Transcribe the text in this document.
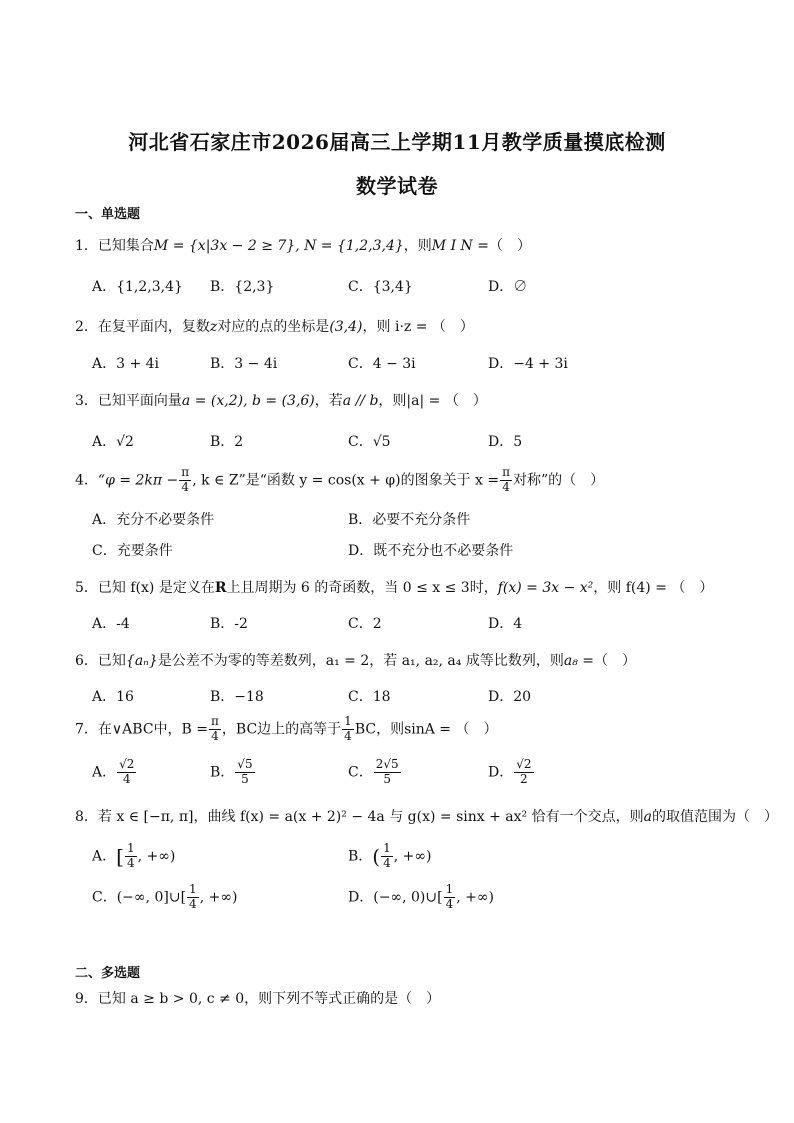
河北省石家庄市2026届高三上学期11月教学质量摸底检测
数学试卷
一、单选题
1．已知集合M = {x|3x − 2 ≥ 7}, N = {1,2,3,4}，则M I N =（　）
A．{1,2,3,4} B．{2,3}	C．{3,4}	D．∅
2．在复平面内，复数z对应的点的坐标是(3,4)，则 i·z = （　）
A．3 + 4i	B．3 − 4i	C．4 − 3i	D．−4 + 3i
3．已知平面向量a = (x,2), b = (3,6)，若a // b，则|a| = （　）
A．√2	B．2	C．√5	D．5
4．“$\varphi = 2k\pi - \frac{\pi}{4}$ , k ∈ Z”是“函数 y = cos(x + φ)的图象关于 $x = \frac{\pi}{4}$ 对称”的（　）
A．充分不必要条件	B．必要不充分条件
C．充要条件	D．既不充分也不必要条件
5．已知 f(x) 是定义在R上且周期为 6 的奇函数，当 0 ≤ x ≤ 3时，f(x) = 3x − x²，则 f(4) = （　）
A．-4	B．-2	C．2	D．4
6．已知{aₙ}是公差不为零的等差数列，a₁ = 2，若 a₁, a₂, a₄ 成等比数列，则a₈ =（　）
A．16	B．−18	C．18	D．20
7．在∨ABC中，$B = \frac{\pi}{4}$ ，BC边上的高等于 $\frac{1}{4}$ BC，则sinA = （　）
A． $\frac{√2}{4}$	B． $\frac{√5}{5}$	C． $\frac{2√5}{5}$	D． $\frac{√2}{2}$
8．若 x ∈ [−π, π]，曲线 f(x) = a(x + 2)² − 4a 与 g(x) = sinx + ax² 恰有一个交点，则a的取值范围为（　）
A．[ $\frac{1}{4}$ , +∞)	B．( $\frac{1}{4}$ , +∞)
C．(−∞, 0]∪[ $\frac{1}{4}$ , +∞)	D．(−∞, 0)∪[ $\frac{1}{4}$ , +∞)
二、多选题
9．已知 a ≥ b > 0, c ≠ 0，则下列不等式正确的是（　）
